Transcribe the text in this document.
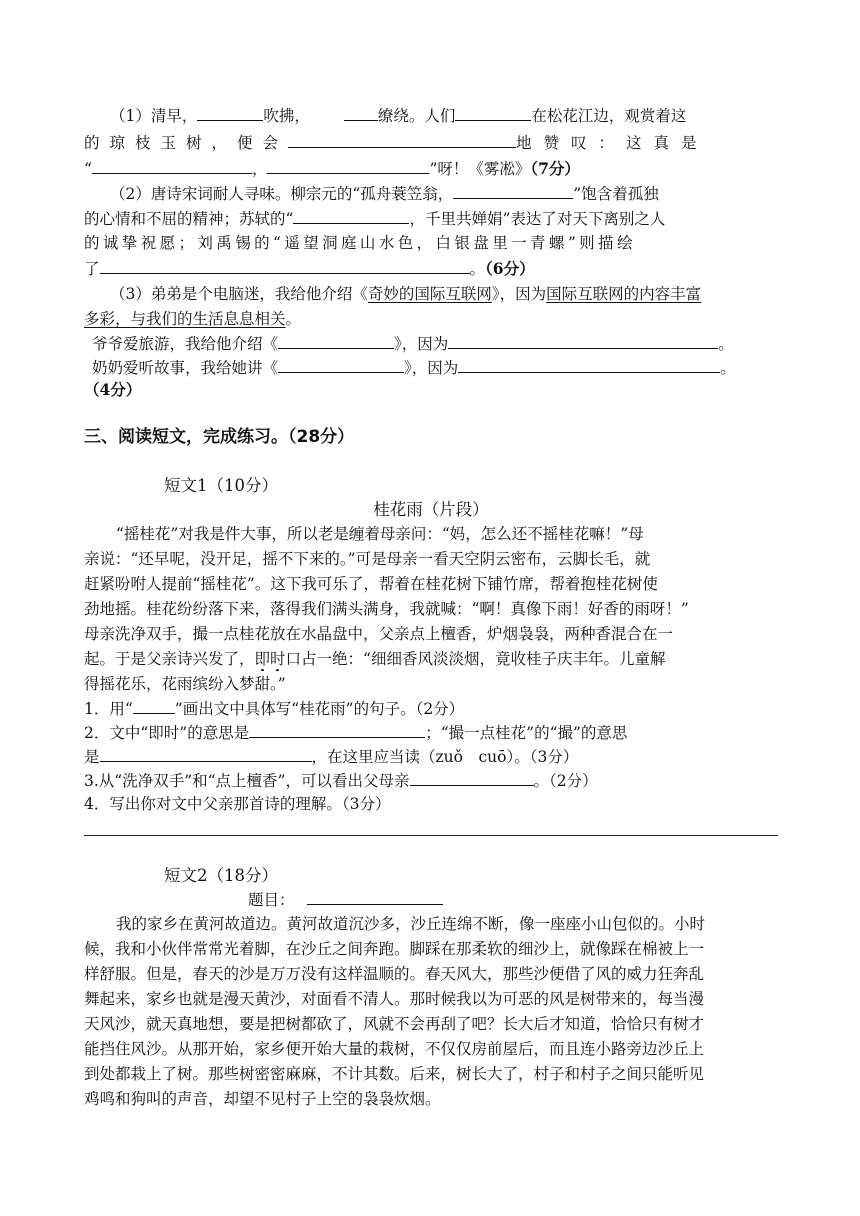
（1）清早，	吹拂，	缭绕。人们	在松花江边，观赏着这
的琼枝玉树，便会	地赞叹：这真是
“	，	”呀！《雾凇》（7分）
（2）唐诗宋词耐人寻味。柳宗元的“孤舟蓑笠翁，	”饱含着孤独
的心情和不屈的精神；苏轼的“	，千里共婵娟”表达了对天下离别之人
的诚挚祝愿；刘禹锡的“遥望洞庭山水色，白银盘里一青螺”则描绘
了	。（6分）
（3）弟弟是个电脑迷，我给他介绍《奇妙的国际互联网》，因为国际互联网的内容丰富
多彩，与我们的生活息息相关。
爷爷爱旅游，我给他介绍《	》，因为	。
奶奶爱听故事，我给她讲《	》，因为	。
（4分）
三、阅读短文，完成练习。（28分）
短文1（10分）
桂花雨（片段）
“摇桂花”对我是件大事，所以老是缠着母亲问：“妈，怎么还不摇桂花嘛！”母
亲说：“还早呢，没开足，摇不下来的。”可是母亲一看天空阴云密布，云脚长毛，就
赶紧吩咐人提前“摇桂花”。这下我可乐了，帮着在桂花树下铺竹席，帮着抱桂花树使
劲地摇。桂花纷纷落下来，落得我们满头满身，我就喊：“啊！真像下雨！好香的雨呀！”
母亲洗净双手，撮一点桂花放在水晶盘中，父亲点上檀香，炉烟袅袅，两种香混合在一
起。于是父亲诗兴发了，即时口占一绝：“细细香风淡淡烟，竟收桂子庆丰年。儿童解
得摇花乐，花雨缤纷入梦甜。”
1．用“	”画出文中具体写“桂花雨”的句子。（2分）
2．文中“即时”的意思是	；“撮一点桂花”的“撮”的意思
是	，在这里应当读（zuǒ　cuō）。（3分）
3.从“洗净双手”和“点上檀香”，可以看出父母亲	。（2分）
4．写出你对文中父亲那首诗的理解。（3分）
短文2（18分）
题目：
我的家乡在黄河故道边。黄河故道沉沙多，沙丘连绵不断，像一座座小山包似的。小时
候，我和小伙伴常常光着脚，在沙丘之间奔跑。脚踩在那柔软的细沙上，就像踩在棉被上一
样舒服。但是，春天的沙是万万没有这样温顺的。春天风大，那些沙便借了风的威力狂奔乱
舞起来，家乡也就是漫天黄沙，对面看不清人。那时候我以为可恶的风是树带来的，每当漫
天风沙，就天真地想，要是把树都砍了，风就不会再刮了吧？长大后才知道，恰恰只有树才
能挡住风沙。从那开始，家乡便开始大量的栽树，不仅仅房前屋后，而且连小路旁边沙丘上
到处都栽上了树。那些树密密麻麻，不计其数。后来，树长大了，村子和村子之间只能听见
鸡鸣和狗叫的声音，却望不见村子上空的袅袅炊烟。
